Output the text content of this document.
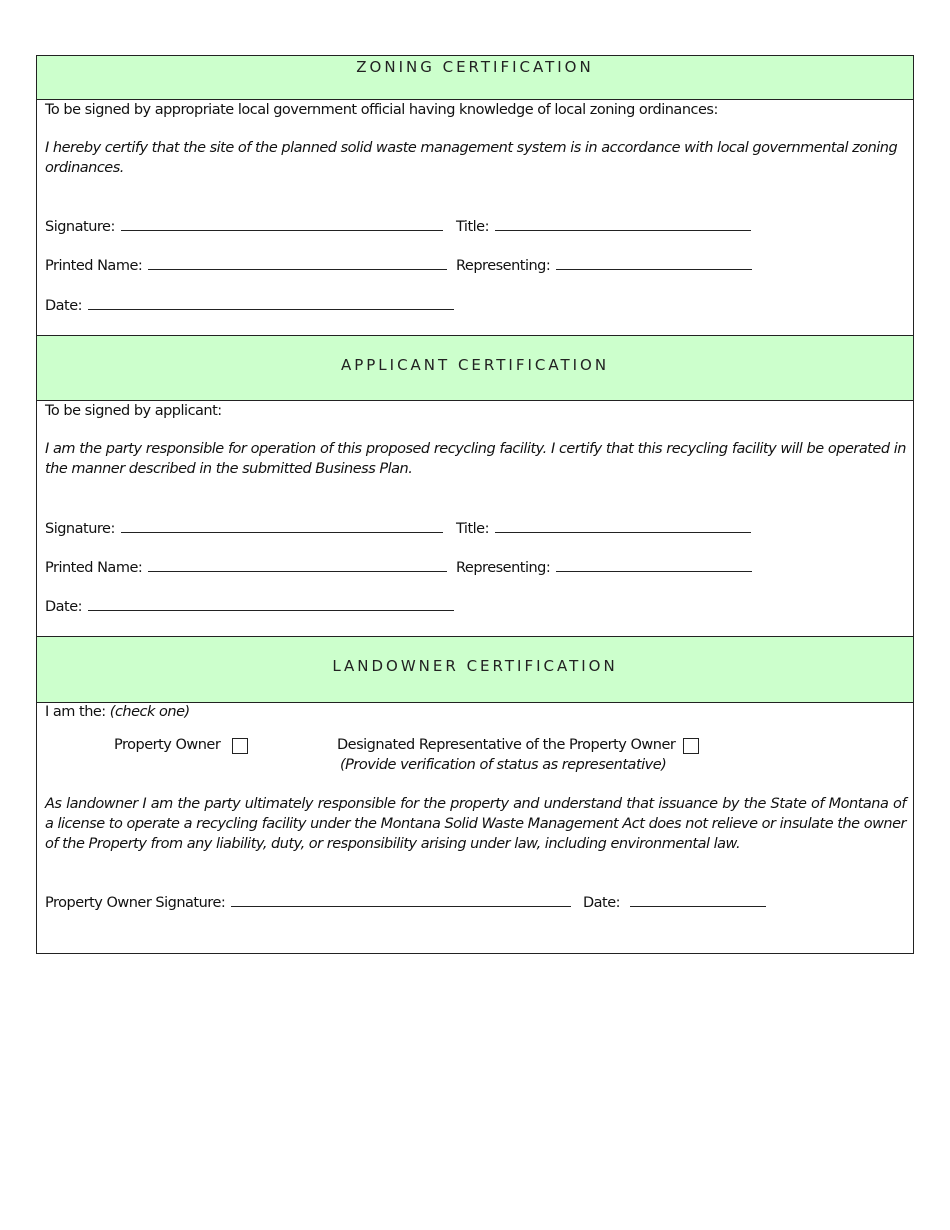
ZONING CERTIFICATION
To be signed by appropriate local government official having knowledge of local zoning ordinances:
I hereby certify that the site of the planned solid waste management system is in accordance with local governmental zoning ordinances.
Signature:	Title:
Printed Name:	Representing:
Date:
APPLICANT CERTIFICATION
To be signed by applicant:
I am the party responsible for operation of this proposed recycling facility. I certify that this recycling facility will be operated in the manner described in the submitted Business Plan.
Signature:	Title:
Printed Name:	Representing:
Date:
LANDOWNER CERTIFICATION
I am the: (check one)
Property Owner	Designated Representative of the Property Owner
(Provide verification of status as representative)
As landowner I am the party ultimately responsible for the property and understand that issuance by the State of Montana of a license to operate a recycling facility under the Montana Solid Waste Management Act does not relieve or insulate the owner of the Property from any liability, duty, or responsibility arising under law, including environmental law.
Property Owner Signature:	Date:
